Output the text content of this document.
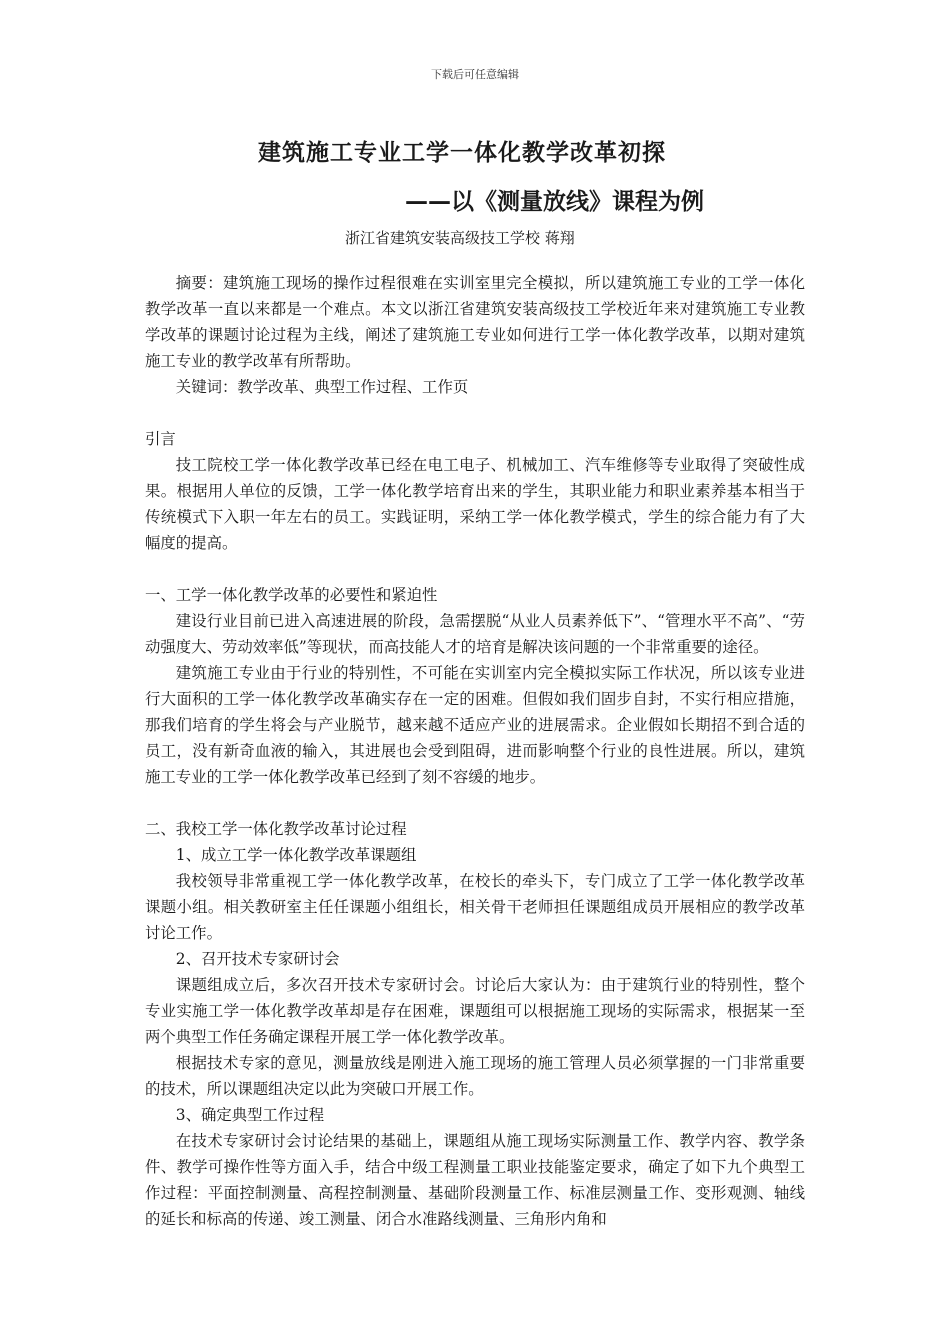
下载后可任意编辑
建筑施工专业工学一体化教学改革初探
——以《测量放线》课程为例
浙江省建筑安装高级技工学校 蒋翔

摘要：建筑施工现场的操作过程很难在实训室里完全模拟，所以建筑施工专业的工学一体化教学改革一直以来都是一个难点。本文以浙江省建筑安装高级技工学校近年来对建筑施工专业教学改革的课题讨论过程为主线，阐述了建筑施工专业如何进行工学一体化教学改革，以期对建筑施工专业的教学改革有所帮助。

关键词：教学改革、典型工作过程、工作页

引言

技工院校工学一体化教学改革已经在电工电子、机械加工、汽车维修等专业取得了突破性成果。根据用人单位的反馈，工学一体化教学培育出来的学生，其职业能力和职业素养基本相当于传统模式下入职一年左右的员工。实践证明，采纳工学一体化教学模式，学生的综合能力有了大幅度的提高。

一、工学一体化教学改革的必要性和紧迫性

建设行业目前已进入高速进展的阶段，急需摆脱“从业人员素养低下”、“管理水平不高”、“劳动强度大、劳动效率低”等现状，而高技能人才的培育是解决该问题的一个非常重要的途径。

建筑施工专业由于行业的特别性，不可能在实训室内完全模拟实际工作状况，所以该专业进行大面积的工学一体化教学改革确实存在一定的困难。但假如我们固步自封，不实行相应措施，那我们培育的学生将会与产业脱节，越来越不适应产业的进展需求。企业假如长期招不到合适的员工，没有新奇血液的输入，其进展也会受到阻碍，进而影响整个行业的良性进展。所以，建筑施工专业的工学一体化教学改革已经到了刻不容缓的地步。

二、我校工学一体化教学改革讨论过程

1、成立工学一体化教学改革课题组

我校领导非常重视工学一体化教学改革，在校长的牵头下，专门成立了工学一体化教学改革课题小组。相关教研室主任任课题小组组长，相关骨干老师担任课题组成员开展相应的教学改革讨论工作。

2、召开技术专家研讨会

课题组成立后，多次召开技术专家研讨会。讨论后大家认为：由于建筑行业的特别性，整个专业实施工学一体化教学改革却是存在困难，课题组可以根据施工现场的实际需求，根据某一至两个典型工作任务确定课程开展工学一体化教学改革。

根据技术专家的意见，测量放线是刚进入施工现场的施工管理人员必须掌握的一门非常重要的技术，所以课题组决定以此为突破口开展工作。

3、确定典型工作过程

在技术专家研讨会讨论结果的基础上，课题组从施工现场实际测量工作、教学内容、教学条件、教学可操作性等方面入手，结合中级工程测量工职业技能鉴定要求，确定了如下九个典型工作过程：平面控制测量、高程控制测量、基础阶段测量工作、标准层测量工作、变形观测、轴线的延长和标高的传递、竣工测量、闭合水准路线测量、三角形内角和
